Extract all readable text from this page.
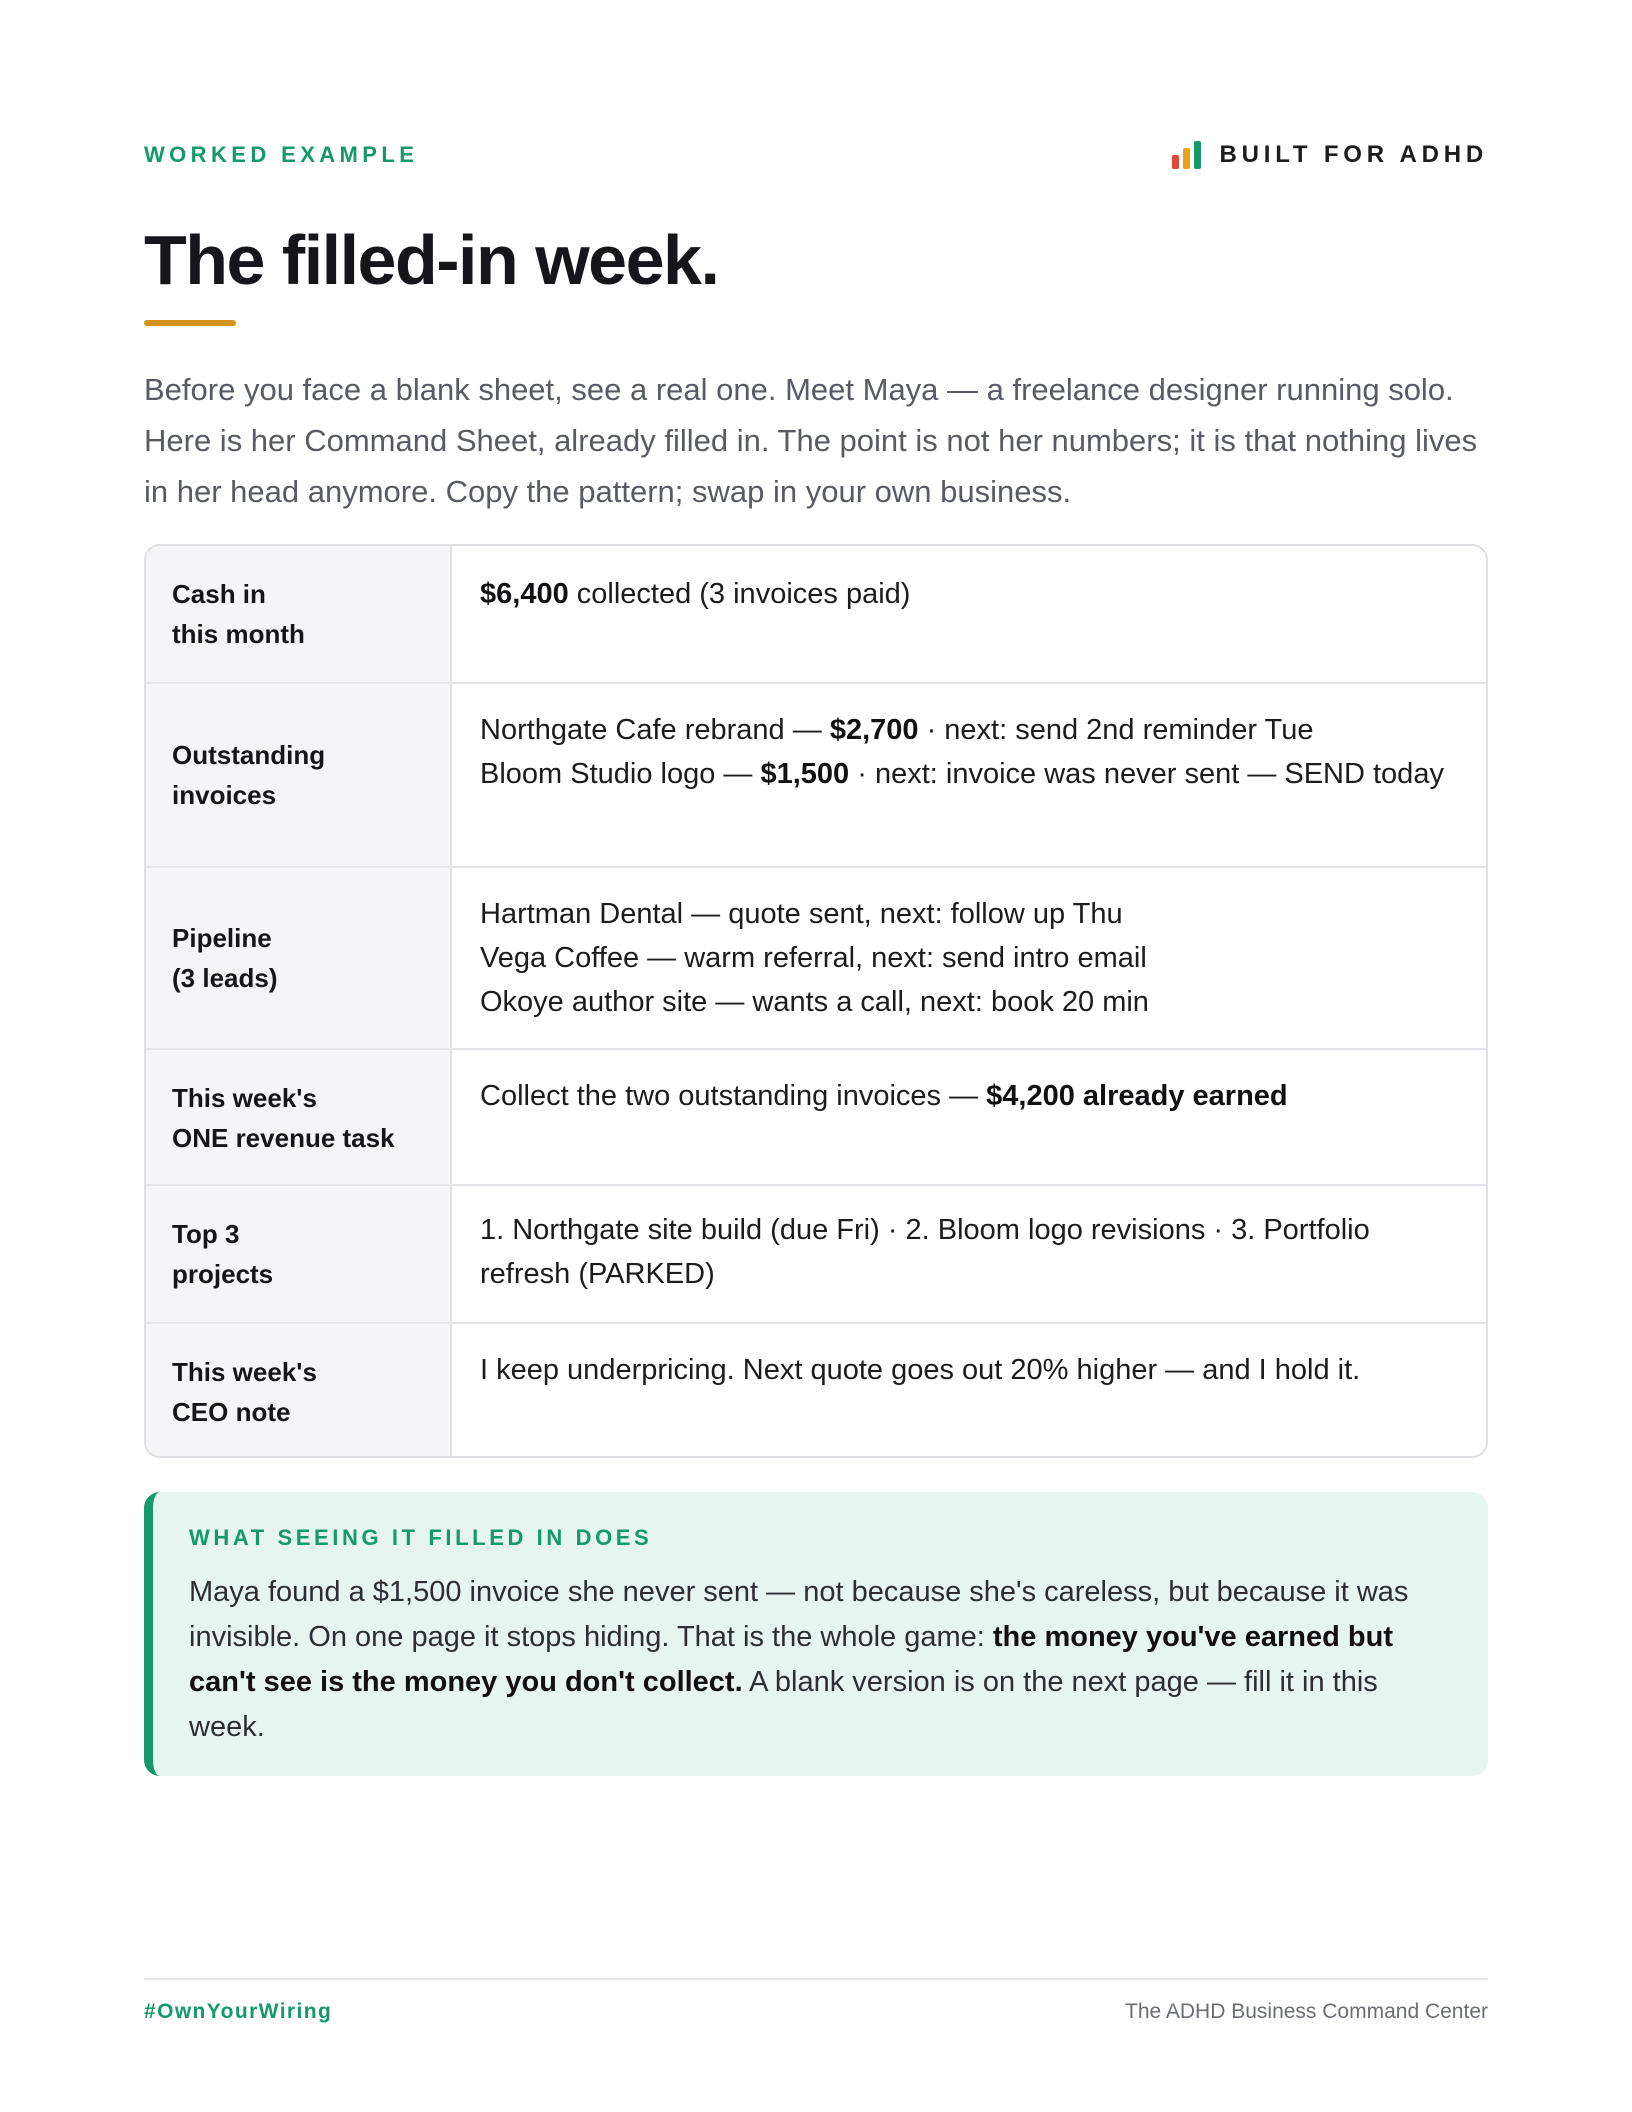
WORKED EXAMPLE	BUILT FOR ADHD
The filled-in week.

Before you face a blank sheet, see a real one. Meet Maya — a freelance designer running solo. Here is her Command Sheet, already filled in. The point is not her numbers; it is that nothing lives in her head anymore. Copy the pattern; swap in your own business.

Cash in
this month
$6,400 collected (3 invoices paid)
Outstanding
invoices
Northgate Cafe rebrand — $2,700 · next: send 2nd reminder Tue
Bloom Studio logo — $1,500 · next: invoice was never sent — SEND today
Pipeline
(3 leads)
Hartman Dental — quote sent, next: follow up Thu
Vega Coffee — warm referral, next: send intro email
Okoye author site — wants a call, next: book 20 min
This week's
ONE revenue task
Collect the two outstanding invoices — $4,200 already earned
Top 3
projects
1. Northgate site build (due Fri) · 2. Bloom logo revisions · 3. Portfolio refresh (PARKED)
This week's
CEO note
I keep underpricing. Next quote goes out 20% higher — and I hold it.
WHAT SEEING IT FILLED IN DOES

Maya found a $1,500 invoice she never sent — not because she's careless, but because it was invisible. On one page it stops hiding. That is the whole game: the money you've earned but can't see is the money you don't collect. A blank version is on the next page — fill it in this week.

#OwnYourWiring	The ADHD Business Command Center
